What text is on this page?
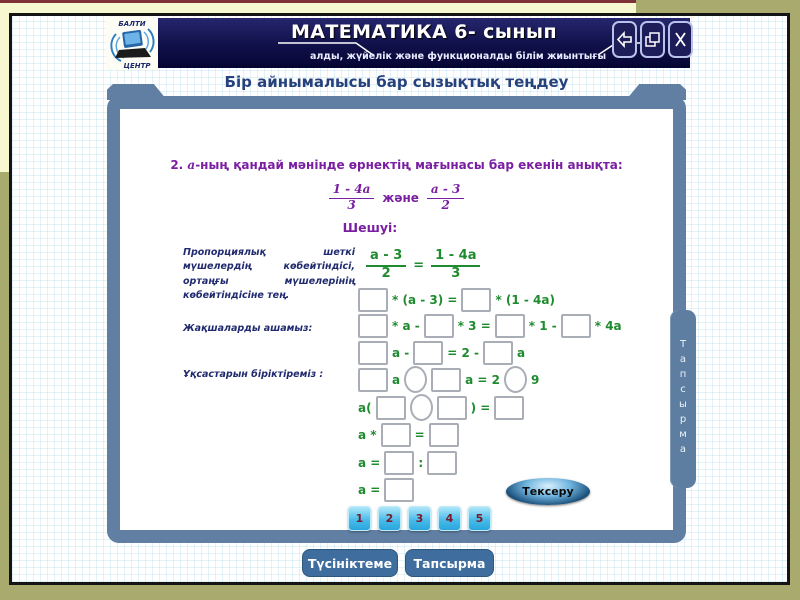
БАЛТИ
ЦЕНТР
МАТЕМАТИКА 6- сынып
алды, жүйелік және функционалды білім жиынтығы
Бір айнымалысы бар сызықтық теңдеу
Тапсырма
2. а-ның қандай мәнінде өрнектің мағынасы бар екенін анықта:
$\frac{1 - 4а}{3}$ және $\frac{а - 3}{2}$
Шешуі:
Пропорциялық шеткі мүшелердің көбейтіндісі, ортаңғы мүшелерінің көбейтіндісіне тең.
Жақшаларды ашамыз:
Ұқсастарын біріктіреміз :
$\frac{a - 3}{2} = \frac{1 - 4a}{3}$
* (a - 3) =	* (1 - 4a)
* a -	* 3 =	* 1 -	* 4a
a -	= 2 -	a
a	a = 2	9
а(	) =
а *	=
а =	:
а =	Тексеру
1	2	3	4	5
Түсініктеме	Тапсырма
